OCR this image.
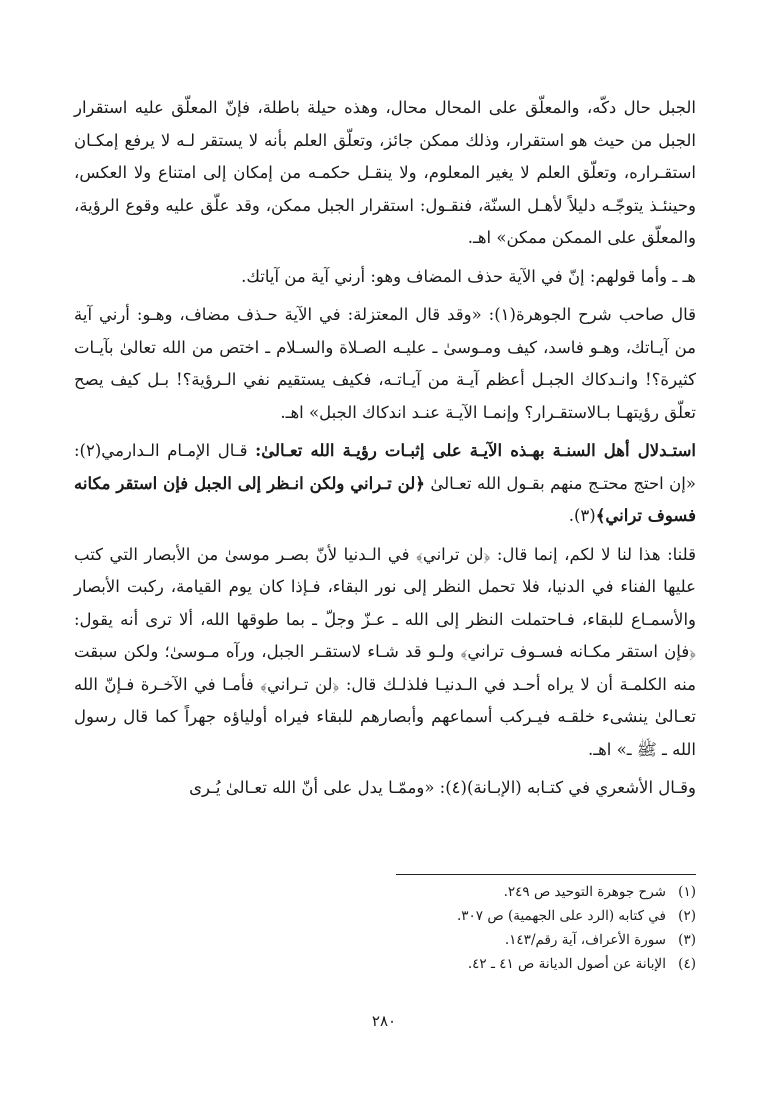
الجبل حال دكّه، والمعلّق على المحال محال، وهذه حيلة باطلة، فإنّ المعلّق عليه استقرار الجبل من حيث هو استقرار، وذلك ممكن جائز، وتعلّق العلم بأنه لا يستقر لـه لا يرفع إمكـان استقـراره، وتعلّق العلم لا يغير المعلوم، ولا ينقـل حكمـه من إمكان إلى امتناع ولا العكس، وحينئـذ يتوجّـه دليلاً لأهـل السنّة، فنقـول: استقرار الجبل ممكن، وقد علّق عليه وقوع الرؤية، والمعلّق على الممكن ممكن» اهـ.

هـ ـ وأما قولهم: إنّ في الآية حذف المضاف وهو: أرني آية من آياتك.

قال صاحب شرح الجوهرة(١): «وقد قال المعتزلة: في الآية حـذف مضاف، وهـو: أرني آية من آيـاتك، وهـو فاسد، كيف ومـوسىٰ ـ عليـه الصـلاة والسـلام ـ اختص من الله تعالىٰ بآيـات كثيرة؟! وانـدكاك الجبـل أعظم آيـة من آيـاتـه، فكيف يستقيم نفي الـرؤية؟! بـل كيف يصح تعلّق رؤيتهـا بـالاستقـرار؟ وإنمـا الآيـة عنـد اندكاك الجبل» اهـ.

استـدلال أهل السنـة بهـذه الآيـة على إثبـات رؤيـة الله تعـالىٰ: قـال الإمـام الـدارمي(٢): «إن احتج محتـج منهم بقـول الله تعـالىٰ ﴿لن تـراني ولكن انـظر إلى الجبل فإن استقر مكانه فسوف تراني﴾(٣).

قلنا: هذا لنا لا لكم، إنما قال: ﴿لن تراني﴾ في الـدنيا لأنّ بصـر موسىٰ من الأبصار التي كتب عليها الفناء في الدنيا، فلا تحمل النظر إلى نور البقاء، فـإذا كان يوم القيامة، ركبت الأبصار والأسمـاع للبقاء، فـاحتملت النظر إلى الله ـ عـزّ وجلّ ـ بما طوقها الله، ألا ترى أنه يقول: ﴿فإن استقر مكـانه فسـوف تراني﴾ ولـو قد شـاء لاستقـر الجبل، ورآه مـوسىٰ؛ ولكن سبقت منه الكلمـة أن لا يراه أحـد في الـدنيـا فلذلـك قال: ﴿لن تـراني﴾ فأمـا في الآخـرة فـإنّ الله تعـالىٰ ينشىء خلقـه فيـركب أسماعهم وأبصارهم للبقاء فيراه أولياؤه جهراً كما قال رسول الله ـ ﷺ ـ» اهـ.

وقـال الأشعري في كتـابه (الإبـانة)(٤): «وممّـا يدل على أنّ الله تعـالىٰ يُـرى

(١)شرح جوهرة التوحيد ص ٢٤٩.
(٢)في كتابه (الرد على الجهمية) ص ٣٠٧.
(٣)سورة الأعراف، آية رقم/١٤٣.
(٤)الإبانة عن أصول الديانة ص ٤١ ـ ٤٢.
٢٨٠
